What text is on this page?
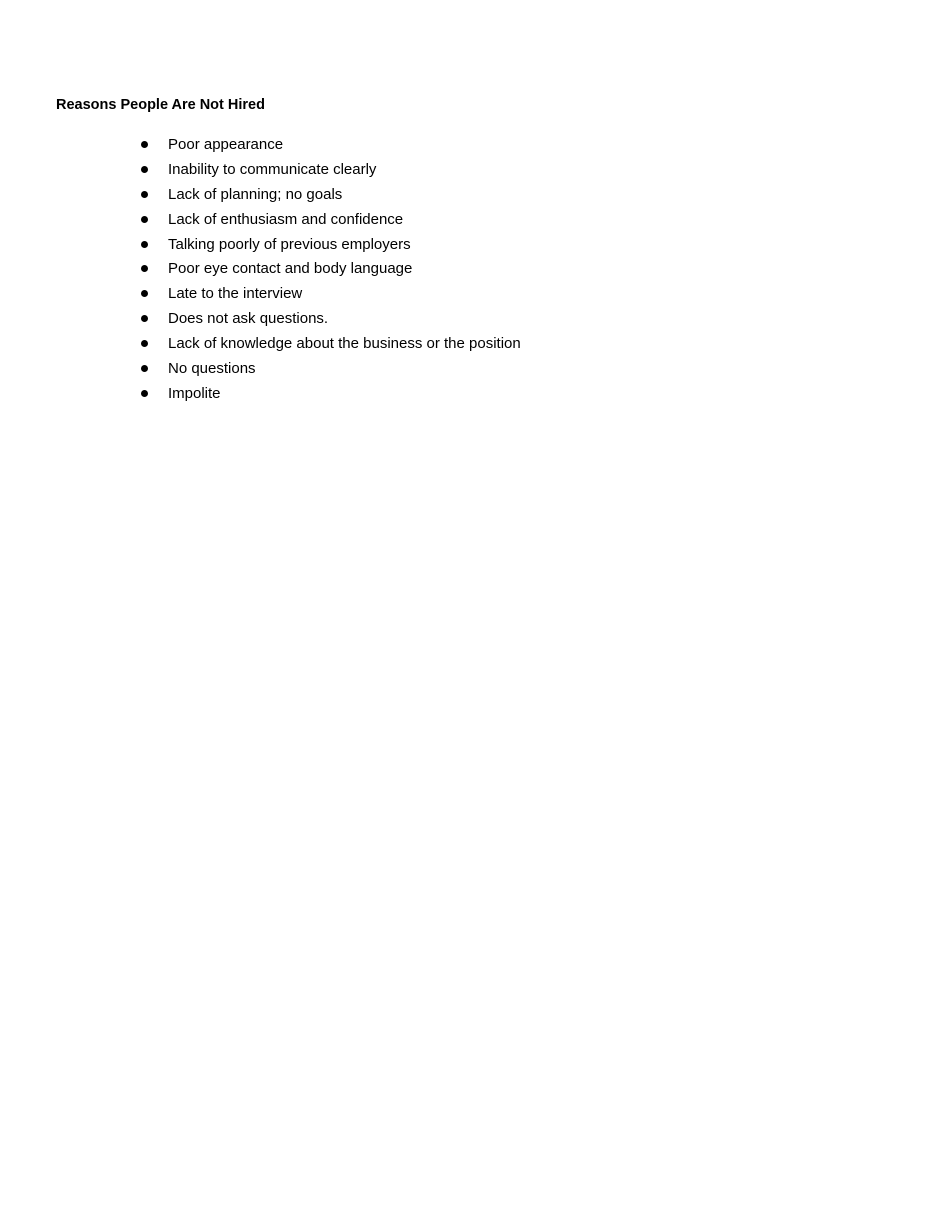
Reasons People Are Not Hired
Poor appearance
Inability to communicate clearly
Lack of planning; no goals
Lack of enthusiasm and confidence
Talking poorly of previous employers
Poor eye contact and body language
Late to the interview
Does not ask questions.
Lack of knowledge about the business or the position
No questions
Impolite
